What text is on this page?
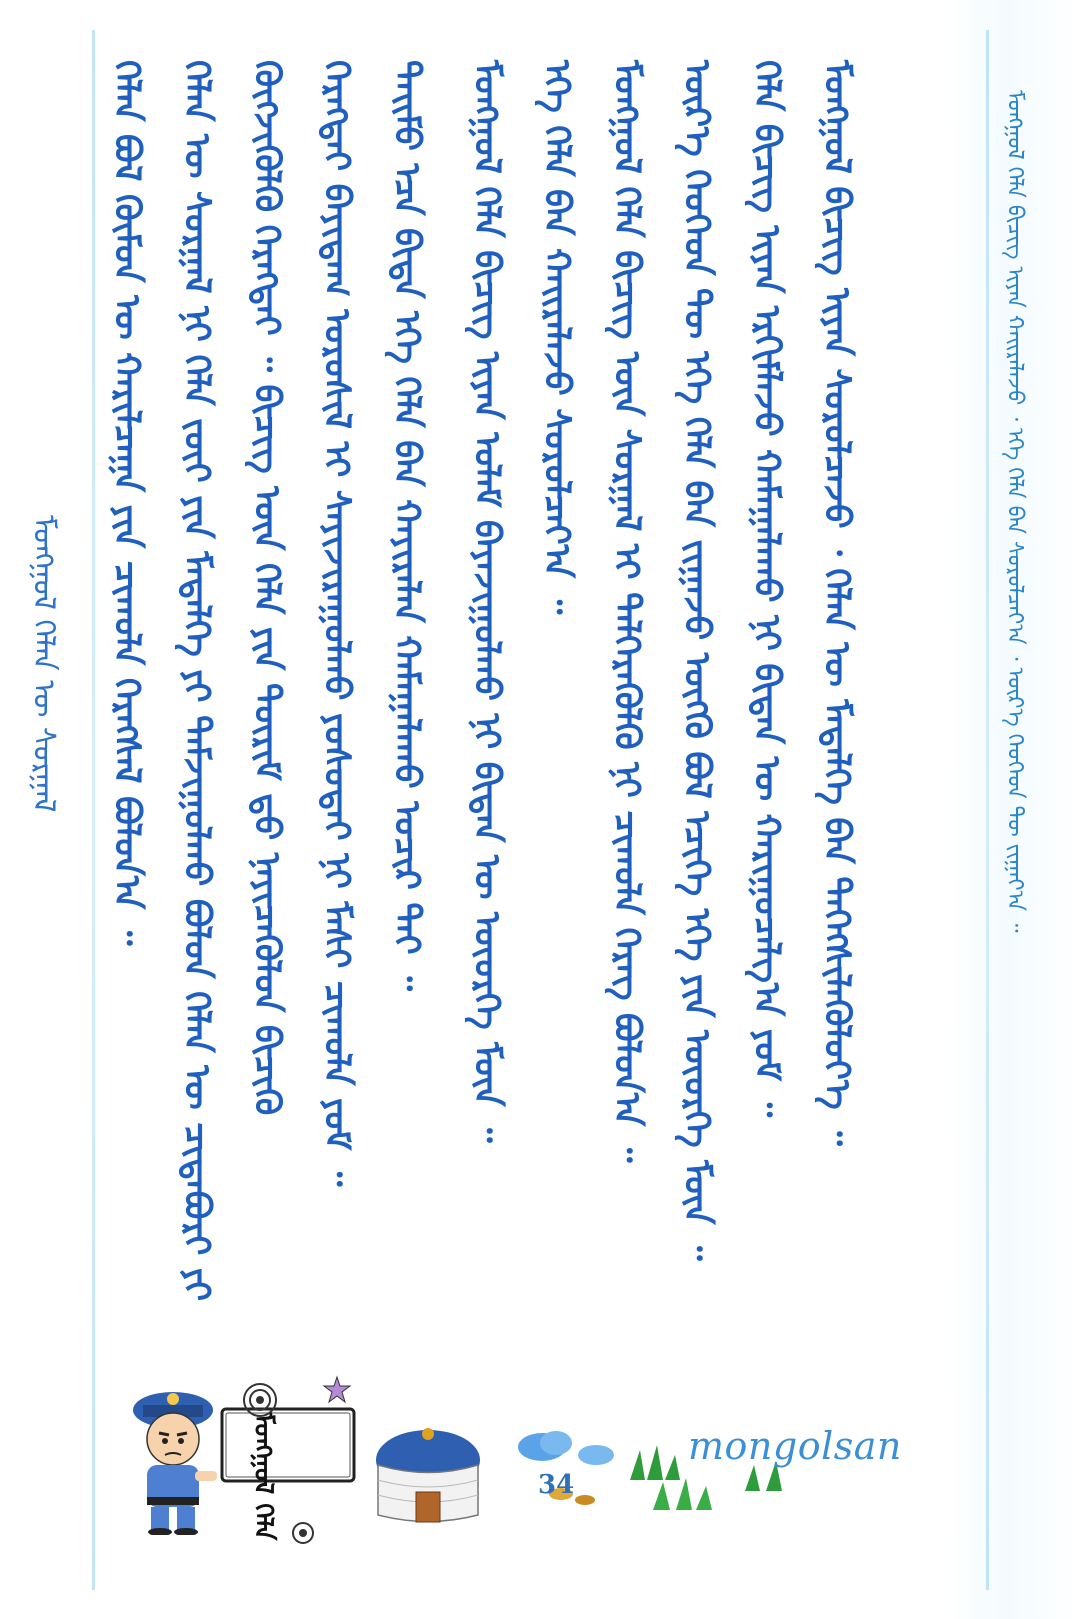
ᠮᠣᠩᠭᠣᠯ ᠬᠡᠯᠡᠨ ᠦ ᠰᠤᠷᠭᠠᠯ ᠬᠡᠯᠡᠨ ᠪᠣᠯ ᠬᠦᠮᠦᠨ ᠦ ᠬᠠᠷᠢᠯᠴᠠᠭᠠ ᠶᠢᠨ ᠴᠢᠬᠤᠯᠠ ᠬᠡᠷᠡᠭᠰᠡᠯ ᠪᠣᠯᠤᠨ᠎ᠠ ᠃ ᠬᠡᠯᠡᠨ ᠦ ᠰᠤᠷᠭᠠᠯ ᠨᠢ ᠬᠡᠯᠡ ᠵᠦᠢ ᠶᠢᠨ ᠮᠡᠳᠡᠯᠭᠡ ᠶᠢ ᠳᠠᠮᠵᠢᠭᠤᠯᠬᠤ ᠪᠣᠯᠣᠨ ᠬᠡᠯᠡᠨ ᠦ ᠴᠢᠳᠠᠪᠤᠷᠢ ᠶᠢ ᠬᠥᠭᠵᠢᠭᠦᠯᠬᠦ ᠬᠡᠷᠡᠭᠲᠡᠢ ᠃ ᠪᠢᠴᠢᠭ ᠦᠨ ᠬᠡᠯᠡ ᠶᠢᠨ ᠳᠦᠷᠢᠮ ᠳ᠋ᠤ ᠨᠡᠶᠢᠴᠡᠭᠦᠯᠦᠨ ᠪᠢᠴᠢᠬᠦ ᠬᠡᠷᠡᠭᠲᠡᠢ ᠪᠠᠶᠢᠳᠠᠭ ᠤᠷᠤᠰᠢᠯ ᠢ ᠰᠠᠶᠢᠵᠢᠷᠠᠭᠤᠯᠬᠤ ᠶᠣᠰᠣᠲᠠᠢ ᠨᠢ ᠮᠠᠰᠢ ᠴᠢᠬᠤᠯᠠ ᠶᠤᠮ ᠃ ᠲᠡᠢᠮᠦ ᠡᠴᠡ ᠪᠢᠳᠡ ᠡᠬᠡ ᠬᠡᠯᠡ ᠪᠡᠨ ᠬᠠᠶᠢᠷᠠᠯᠠᠨ ᠬᠠᠮᠠᠭᠠᠯᠠᠬᠤ ᠤᠴᠢᠷ ᠲᠠᠢ ᠃ ᠮᠣᠩᠭᠣᠯ ᠬᠡᠯᠡ ᠪᠢᠴᠢᠭ ᠢᠶᠡᠨ ᠤᠯᠠᠮ ᠪᠠᠶᠠᠵᠢᠭᠤᠯᠬᠤ ᠨᠢ ᠪᠢᠳᠡᠨ ᠦ ᠦᠦᠷᠭᠡ ᠮᠦᠨ ᠃ ᠡᠬᠡ ᠬᠡᠯᠡ ᠪᠡᠨ ᠬᠠᠢᠷᠠᠯᠠᠵᠤ ᠰᠤᠷᠤᠯᠴᠠᠶ᠎ᠠ ᠃ ᠮᠣᠩᠭᠣᠯ ᠬᠡᠯᠡ ᠪᠢᠴᠢᠭ ᠦᠨ ᠰᠤᠷᠭᠠᠯ ᠢ ᠳᠡᠯᠭᠡᠷᠡᠭᠦᠯᠬᠦ ᠨᠢ ᠴᠢᠬᠤᠯᠠ ᠬᠡᠷᠡᠭ ᠪᠣᠯᠤᠨ᠎ᠠ ᠃ ᠦᠷ᠎ᠡ ᠬᠡᠦᠬᠡᠳ ᠲᠦ ᠡᠬᠡ ᠬᠡᠯᠡ ᠪᠡᠨ ᠵᠢᠭᠠᠵᠤ ᠦᠭᠬᠦ ᠪᠣᠯ ᠡᠴᠢᠭᠡ ᠡᠬᠡ ᠶᠢᠨ ᠦᠦᠷᠭᠡ ᠮᠦᠨ ᠃ ᠬᠡᠯᠡ ᠪᠢᠴᠢᠭ ᠢᠶᠡᠨ ᠡᠷᠬᠢᠮᠯᠡᠵᠦ ᠬᠠᠮᠠᠭᠠᠯᠠᠬᠤ ᠨᠢ ᠪᠢᠳᠡᠨ ᠦ ᠬᠠᠷᠢᠭᠤᠴᠠᠯᠭ᠎ᠠ ᠶᠤᠮ ᠃ ᠮᠣᠩᠭᠣᠯ ᠪᠢᠴᠢᠭ ᠢᠶᠡᠨ ᠰᠤᠷᠤᠯᠴᠠᠵᠤ ᠂ ᠬᠡᠯᠡᠨ ᠦ ᠮᠡᠳᠡᠯᠭᠡ ᠪᠡᠨ ᠳᠡᠭᠡᠭᠰᠢᠯᠡᠭᠦᠯᠦᠶ᠎ᠡ ᠃	ᠮᠣᠩᠭᠣᠯ ᠬᠡᠯᠡ ᠪᠢᠴᠢᠭ ᠢᠶᠡᠨ ᠬᠠᠢᠷᠠᠯᠠᠵᠤ ᠂ ᠡᠬᠡ ᠬᠡᠯᠡ ᠪᠡᠨ ᠰᠤᠷᠤᠯᠴᠠᠶ᠎ᠠ ᠂ ᠦᠷ᠎ᠡ ᠬᠡᠦᠬᠡᠳ ᠲᠦ ᠵᠢᠭᠠᠶ᠎ᠠ ᠃
ᠮᠣᠩᠭᠣᠯ ᠬᠡᠯᠡ	34
mongolsan
